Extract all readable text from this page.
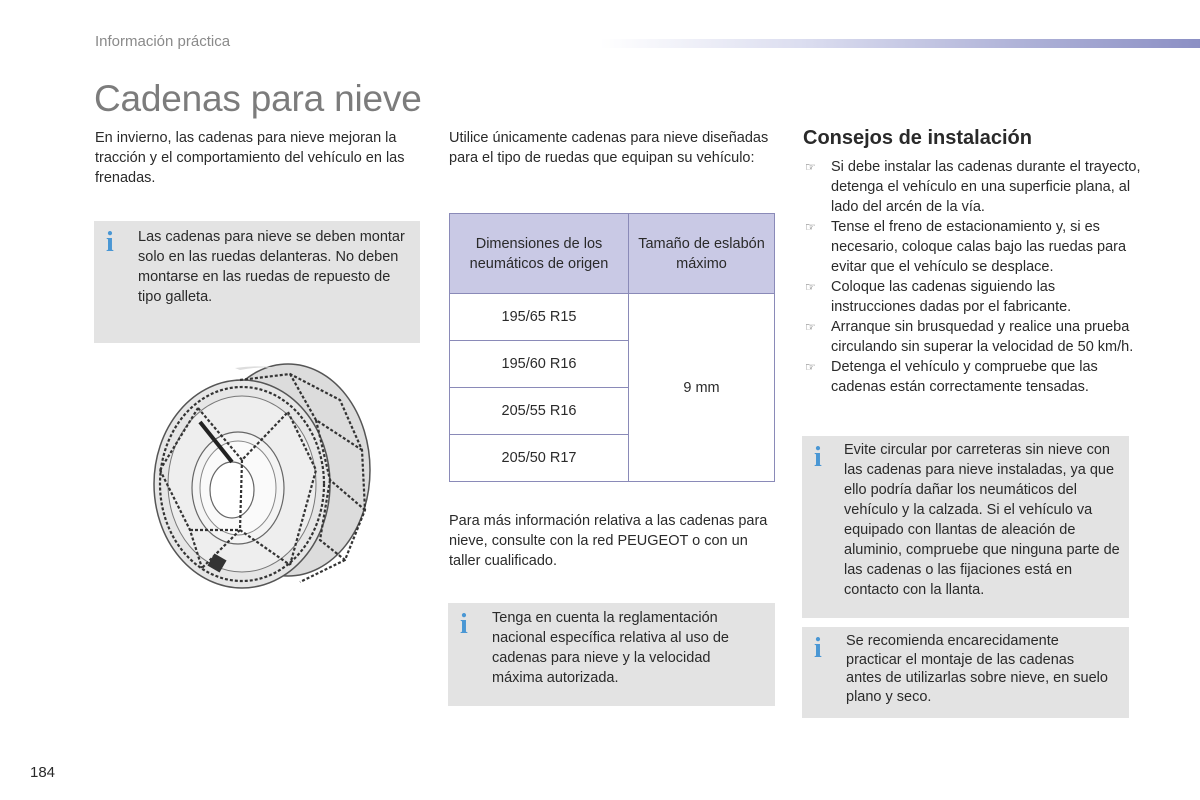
Información práctica
Cadenas para nieve
En invierno, las cadenas para nieve mejoran la tracción y el comportamiento del vehículo en las frenadas.
i Las cadenas para nieve se deben montar solo en las ruedas delanteras. No deben montarse en las ruedas de repuesto de tipo galleta.
Utilice únicamente cadenas para nieve diseñadas para el tipo de ruedas que equipan su vehículo:
Dimensiones de los neumáticos de origen	Tamaño de eslabón máximo
195/65 R15	9 mm
195/60 R16	
205/55 R16	
205/50 R17	
Para más información relativa a las cadenas para nieve, consulte con la red PEUGEOT o con un taller cualificado.
i Tenga en cuenta la reglamentación nacional específica relativa al uso de cadenas para nieve y la velocidad máxima autorizada.
Consejos de instalación
☞ Si debe instalar las cadenas durante el trayecto, detenga el vehículo en una superficie plana, al lado del arcén de la vía.
☞ Tense el freno de estacionamiento y, si es necesario, coloque calas bajo las ruedas para evitar que el vehículo se desplace.
☞ Coloque las cadenas siguiendo las instrucciones dadas por el fabricante.
☞ Arranque sin brusquedad y realice una prueba circulando sin superar la velocidad de 50 km/h.
☞ Detenga el vehículo y compruebe que las cadenas están correctamente tensadas.
i Evite circular por carreteras sin nieve con las cadenas para nieve instaladas, ya que ello podría dañar los neumáticos del vehículo y la calzada. Si el vehículo va equipado con llantas de aleación de aluminio, compruebe que ninguna parte de las cadenas o las fijaciones está en contacto con la llanta.
i Se recomienda encarecidamente practicar el montaje de las cadenas antes de utilizarlas sobre nieve, en suelo plano y seco.
184
